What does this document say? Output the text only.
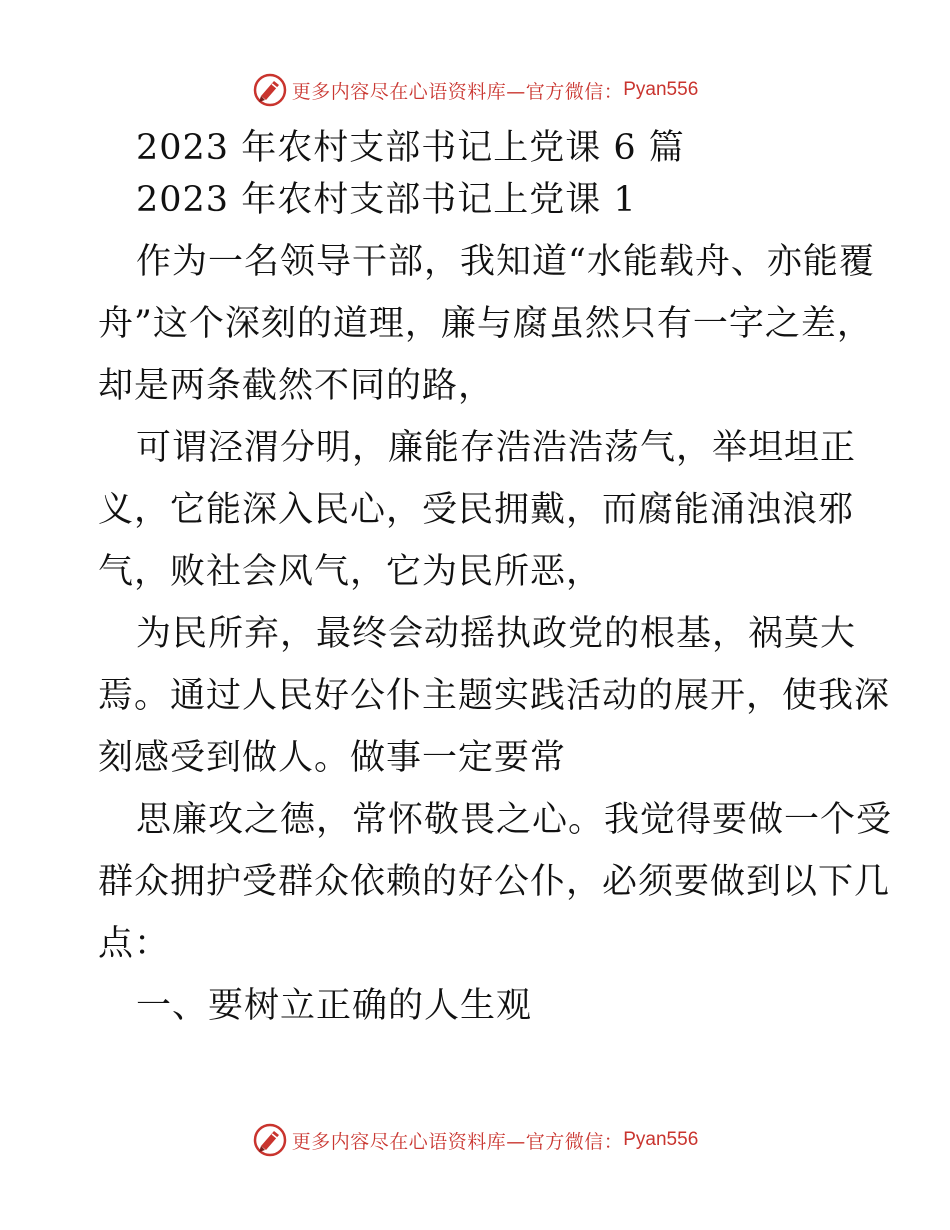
更多内容尽在心语资料库—官方微信： Pyan556
2023 年农村支部书记上党课 6 篇
2023 年农村支部书记上党课 1
作为一名领导干部，我知道“水能载舟、亦能覆
舟”这个深刻的道理，廉与腐虽然只有一字之差，
却是两条截然不同的路，
可谓泾渭分明，廉能存浩浩浩荡气，举坦坦正
义，它能深入民心，受民拥戴，而腐能涌浊浪邪
气，败社会风气，它为民所恶，
为民所弃，最终会动摇执政党的根基，祸莫大
焉。通过人民好公仆主题实践活动的展开，使我深
刻感受到做人。做事一定要常
思廉攻之德，常怀敬畏之心。我觉得要做一个受
群众拥护受群众依赖的好公仆，必须要做到以下几
点：
一、要树立正确的人生观
更多内容尽在心语资料库—官方微信： Pyan556
